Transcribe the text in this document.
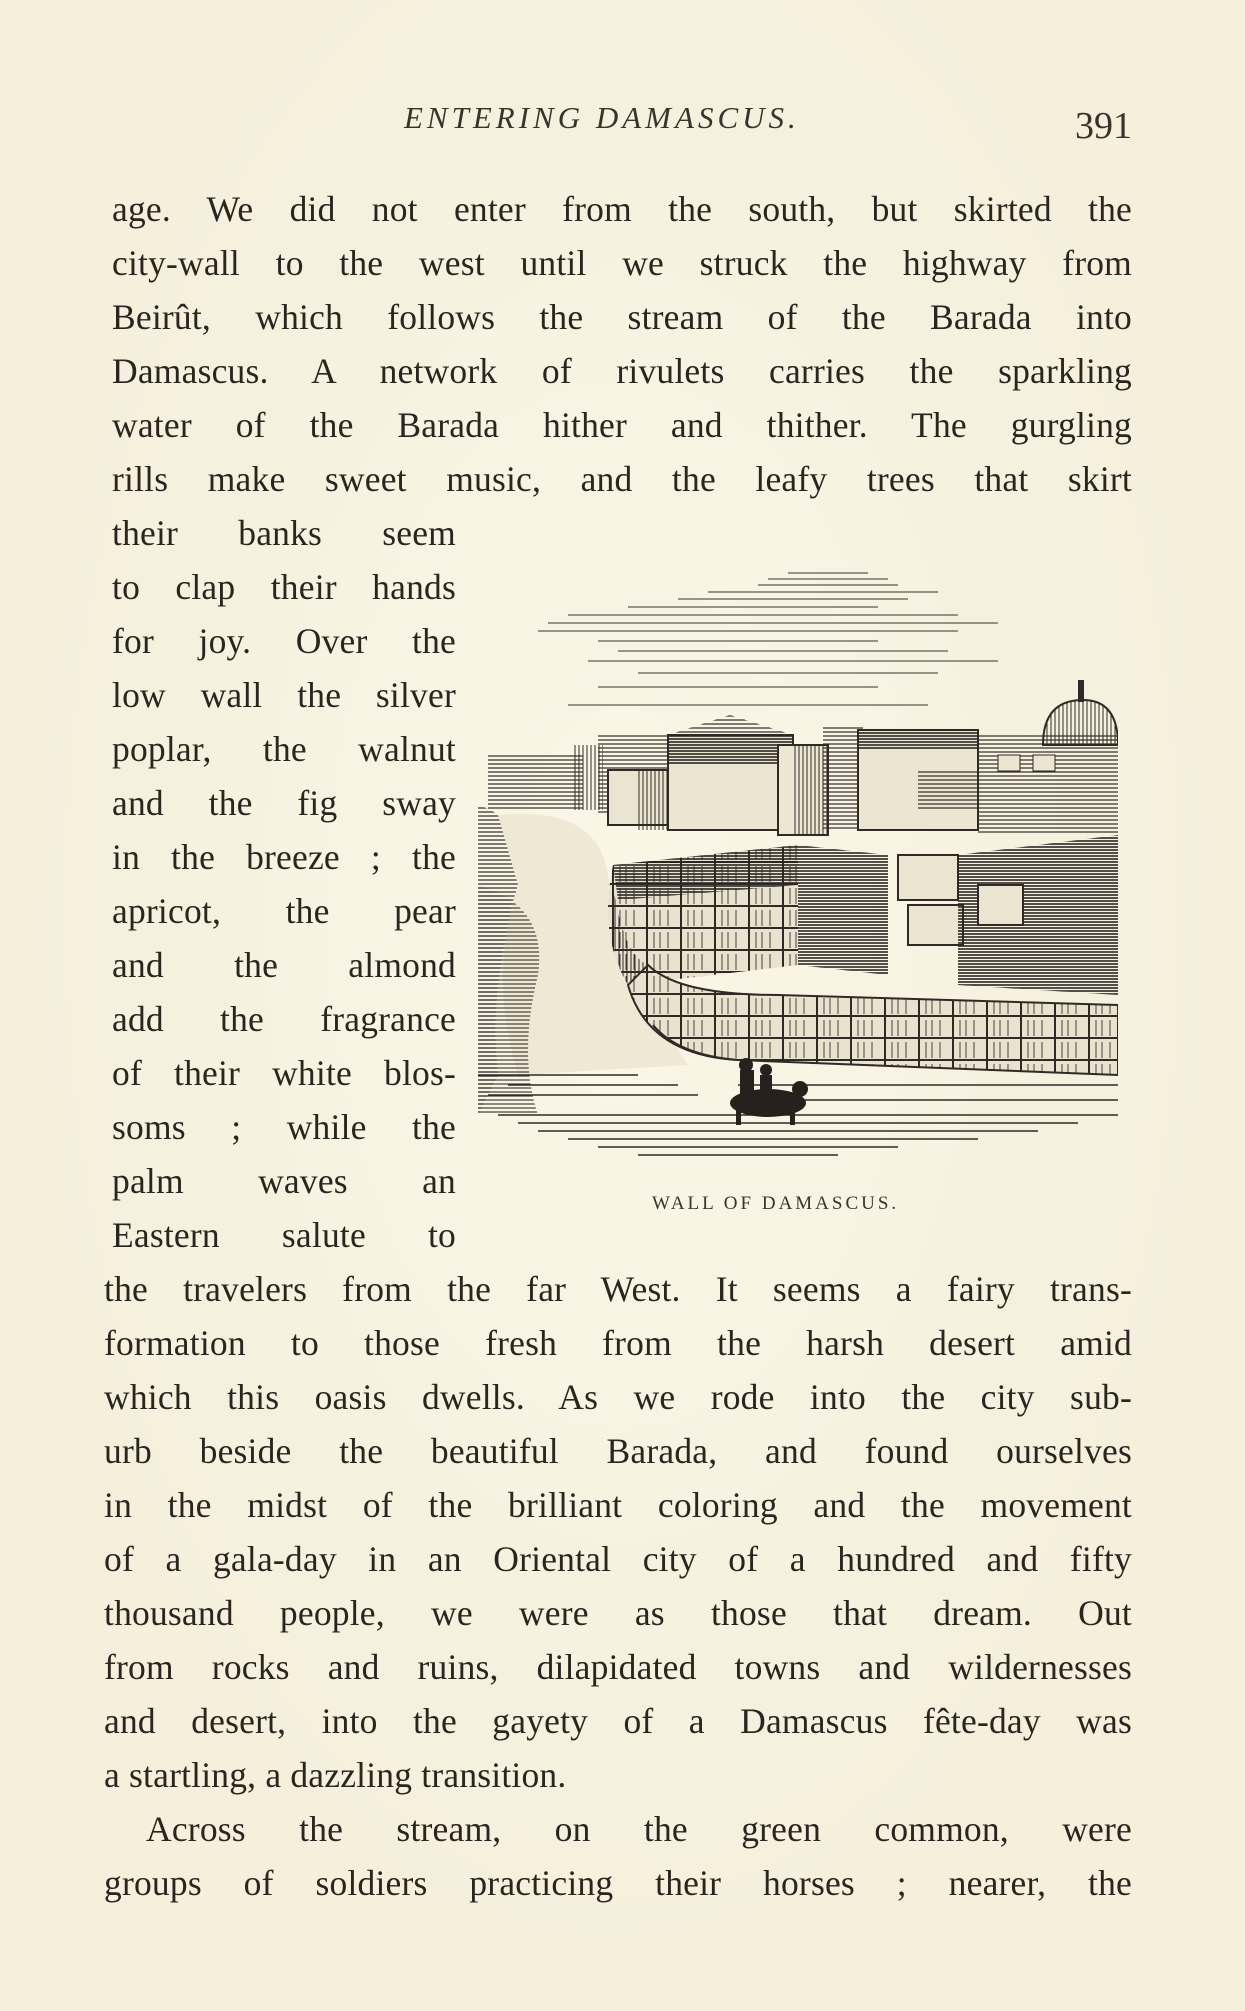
ENTERING DAMASCUS.	391
age. We did not enter from the south, but skirted the
city-wall to the west until we struck the highway from
Beirût, which follows the stream of the Barada into
Damascus. A network of rivulets carries the sparkling
water of the Barada hither and thither. The gurgling
rills make sweet music, and the leafy trees that skirt
their banks seem
to clap their hands
for joy. Over the
low wall the silver
poplar, the walnut
and the fig sway
in the breeze ; the
apricot, the pear
and the almond
add the fragrance
of their white blos-
soms ; while the
palm waves an
Eastern salute to
WALL OF DAMASCUS.
the travelers from the far West. It seems a fairy trans-
formation to those fresh from the harsh desert amid
which this oasis dwells. As we rode into the city sub-
urb beside the beautiful Barada, and found ourselves
in the midst of the brilliant coloring and the movement
of a gala-day in an Oriental city of a hundred and fifty
thousand people, we were as those that dream. Out
from rocks and ruins, dilapidated towns and wildernesses
and desert, into the gayety of a Damascus fête-day was
a startling, a dazzling transition.
Across the stream, on the green common, were
groups of soldiers practicing their horses ; nearer, the
